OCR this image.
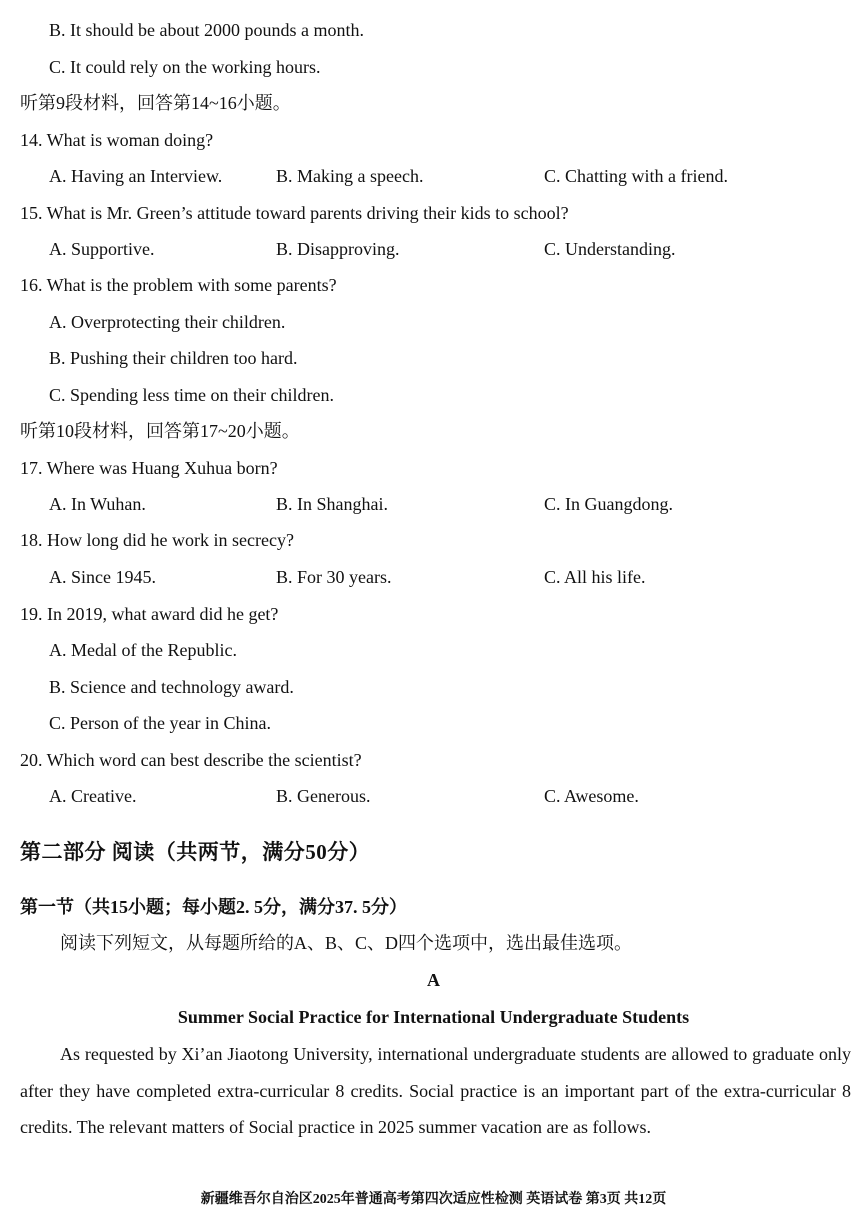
B. It should be about 2000 pounds a month.
C. It could rely on the working hours.
听第9段材料，回答第14~16小题。
14. What is woman doing?
A. Having an Interview.	B. Making a speech.	C. Chatting with a friend.
15. What is Mr. Green’s attitude toward parents driving their kids to school?
A. Supportive.	B. Disapproving.	C. Understanding.
16. What is the problem with some parents?
A. Overprotecting their children.
B. Pushing their children too hard.
C. Spending less time on their children.
听第10段材料，回答第17~20小题。
17. Where was Huang Xuhua born?
A. In Wuhan.	B. In Shanghai.	C. In Guangdong.
18. How long did he work in secrecy?
A. Since 1945.	B. For 30 years.	C. All his life.
19. In 2019, what award did he get?
A. Medal of the Republic.
B. Science and technology award.
C. Person of the year in China.
20. Which word can best describe the scientist?
A. Creative.	B. Generous.	C. Awesome.
第二部分 阅读（共两节，满分50分）
第一节（共15小题；每小题2. 5分，满分37. 5分）
阅读下列短文，从每题所给的A、B、C、D四个选项中，选出最佳选项。
A
Summer Social Practice for International Undergraduate Students
As requested by Xi’an Jiaotong University, international undergraduate students are allowed to graduate only after they have completed extra-curricular 8 credits. Social practice is an important part of the extra-curricular 8 credits. The relevant matters of Social practice in 2025 summer vacation are as follows.
新疆维吾尔自治区2025年普通高考第四次适应性检测 英语试卷 第3页 共12页
